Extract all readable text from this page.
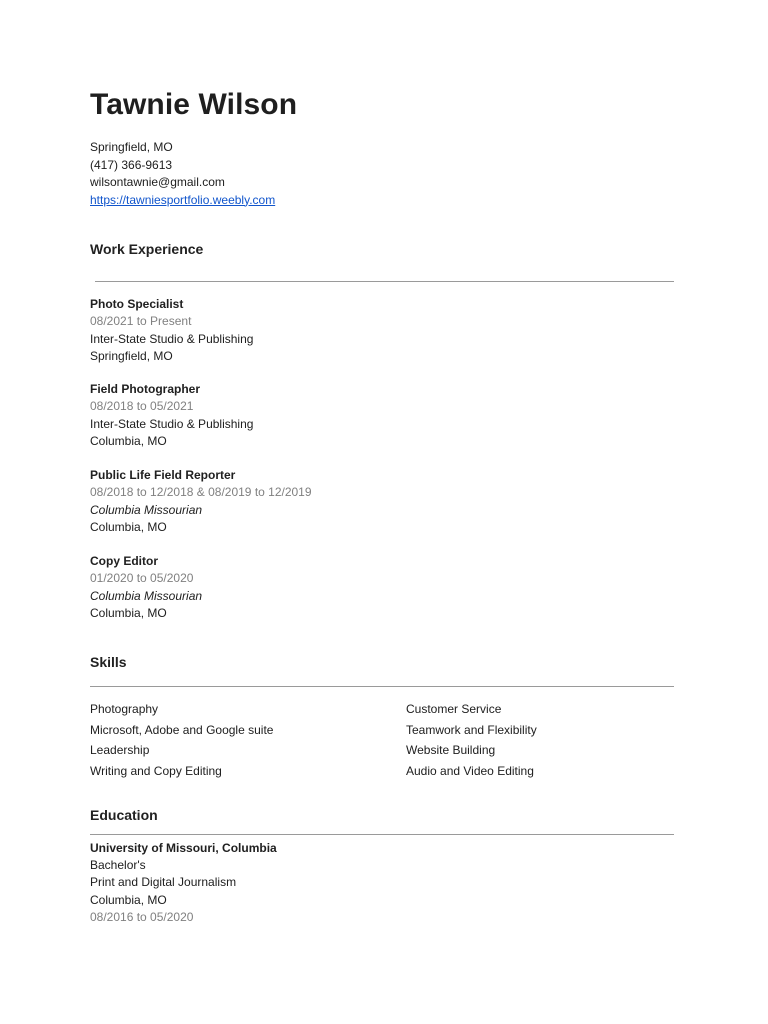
Tawnie Wilson
Springfield, MO
(417) 366-9613
wilsontawnie@gmail.com
https://tawniesportfolio.weebly.com
Work Experience
Photo Specialist
08/2021 to Present
Inter-State Studio & Publishing
Springfield, MO
Field Photographer
08/2018 to 05/2021
Inter-State Studio & Publishing
Columbia, MO
Public Life Field Reporter
08/2018 to 12/2018 & 08/2019 to 12/2019
Columbia Missourian
Columbia, MO
Copy Editor
01/2020 to 05/2020
Columbia Missourian
Columbia, MO
Skills
Photography
Microsoft, Adobe and Google suite
Leadership
Writing and Copy Editing
Customer Service
Teamwork and Flexibility
Website Building
Audio and Video Editing
Education
University of Missouri, Columbia
Bachelor's
Print and Digital Journalism
Columbia, MO
08/2016 to 05/2020
